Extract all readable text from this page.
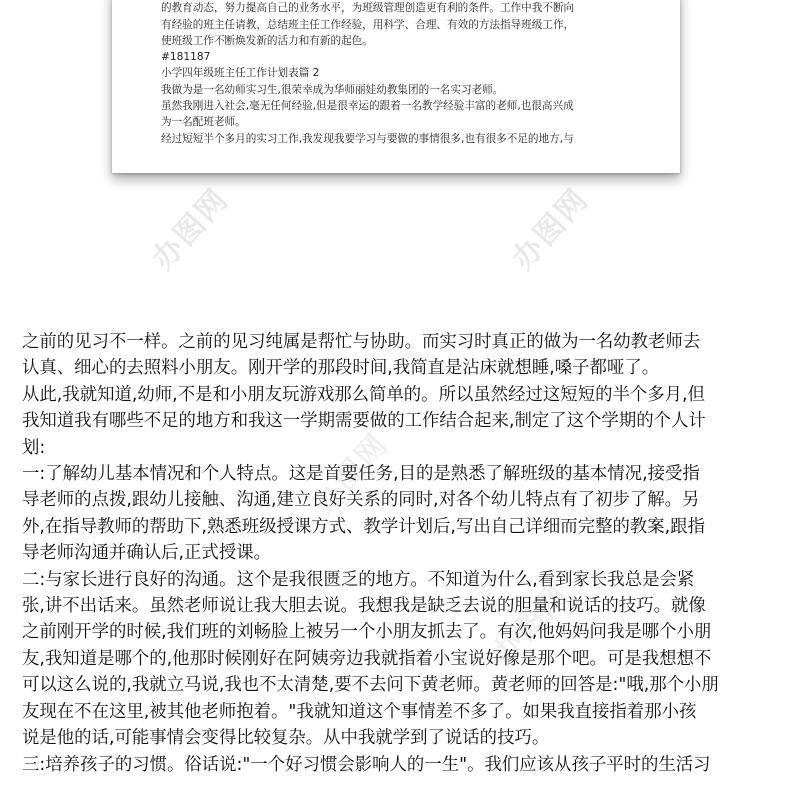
办图网	办图网
的教育动态，努力提高自己的业务水平，为班级管理创造更有利的条件。工作中我不断向
有经验的班主任请教，总结班主任工作经验，用科学、合理、有效的方法指导班级工作，
使班级工作不断焕发新的活力和有新的起色。
#181187
小学四年级班主任工作计划表篇 2
我做为是一名幼师实习生,很荣幸成为华师丽娃幼教集团的一名实习老师。
虽然我刚进入社会,毫无任何经验,但是很幸运的跟着一名教学经验丰富的老师,也很高兴成
为一名配班老师。
经过短短半个多月的实习工作,我发现我要学习与要做的事情很多,也有很多不足的地方,与
办图网
办图网
之前的见习不一样。之前的见习纯属是帮忙与协助。而实习时真正的做为一名幼教老师去
认真、细心的去照料小朋友。刚开学的那段时间,我简直是沾床就想睡,嗓子都哑了。
从此,我就知道,幼师,不是和小朋友玩游戏那么简单的。所以虽然经过这短短的半个多月,但
我知道我有哪些不足的地方和我这一学期需要做的工作结合起来,制定了这个学期的个人计
划:
一:了解幼儿基本情况和个人特点。这是首要任务,目的是熟悉了解班级的基本情况,接受指
导老师的点拨,跟幼儿接触、沟通,建立良好关系的同时,对各个幼儿特点有了初步了解。另
外,在指导教师的帮助下,熟悉班级授课方式、教学计划后,写出自己详细而完整的教案,跟指
导老师沟通并确认后,正式授课。
二:与家长进行良好的沟通。这个是我很匮乏的地方。不知道为什么,看到家长我总是会紧
张,讲不出话来。虽然老师说让我大胆去说。我想我是缺乏去说的胆量和说话的技巧。就像
之前刚开学的时候,我们班的刘畅脸上被另一个小朋友抓去了。有次,他妈妈问我是哪个小朋
友,我知道是哪个的,他那时候刚好在阿姨旁边我就指着小宝说好像是那个吧。可是我想想不
可以这么说的,我就立马说,我也不太清楚,要不去问下黄老师。黄老师的回答是:"哦,那个小朋
友现在不在这里,被其他老师抱着。"我就知道这个事情差不多了。如果我直接指着那小孩
说是他的话,可能事情会变得比较复杂。从中我就学到了说话的技巧。
三:培养孩子的习惯。俗话说:"一个好习惯会影响人的一生"。我们应该从孩子平时的生活习
